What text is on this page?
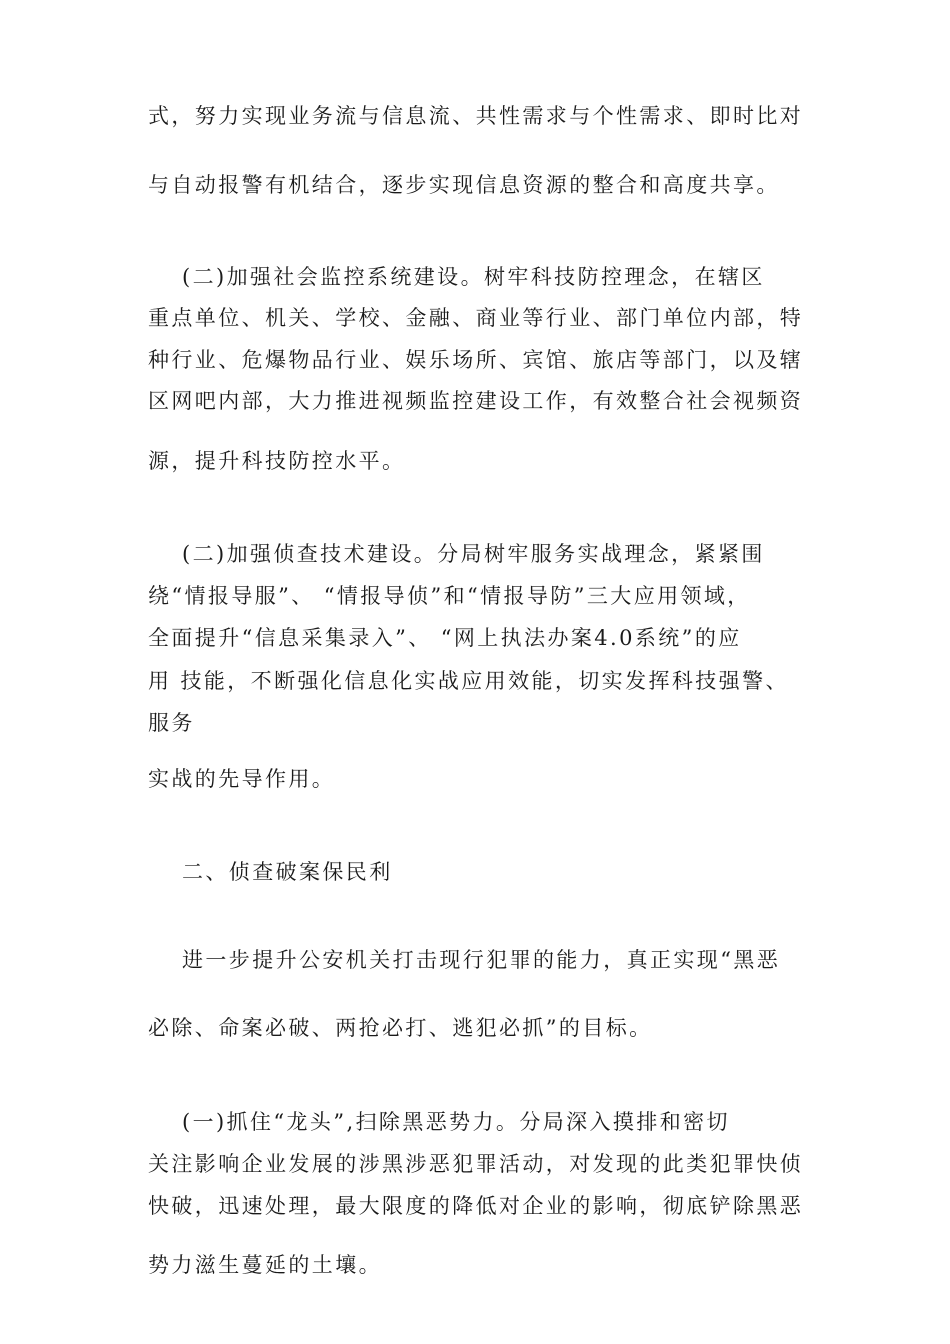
式，努力实现业务流与信息流、共性需求与个性需求、即时比对
与自动报警有机结合，逐步实现信息资源的整合和高度共享。
(二)加强社会监控系统建设。树牢科技防控理念，在辖区
重点单位、机关、学校、金融、商业等行业、部门单位内部，特
种行业、危爆物品行业、娱乐场所、宾馆、旅店等部门，以及辖
区网吧内部，大力推进视频监控建设工作，有效整合社会视频资
源，提升科技防控水平。
(二)加强侦查技术建设。分局树牢服务实战理念，紧紧围
绕“情报导服”、 “情报导侦”和“情报导防”三大应用领域，
全面提升“信息采集录入”、 “网上执法办案4.0系统”的应
用 技能，不断强化信息化实战应用效能，切实发挥科技强警、
服务
实战的先导作用。
二、侦查破案保民利
进一步提升公安机关打击现行犯罪的能力，真正实现“黑恶
必除、命案必破、两抢必打、逃犯必抓”的目标。
(一)抓住“龙头”,扫除黑恶势力。分局深入摸排和密切
关注影响企业发展的涉黑涉恶犯罪活动，对发现的此类犯罪快侦
快破，迅速处理，最大限度的降低对企业的影响，彻底铲除黑恶
势力滋生蔓延的土壤。
